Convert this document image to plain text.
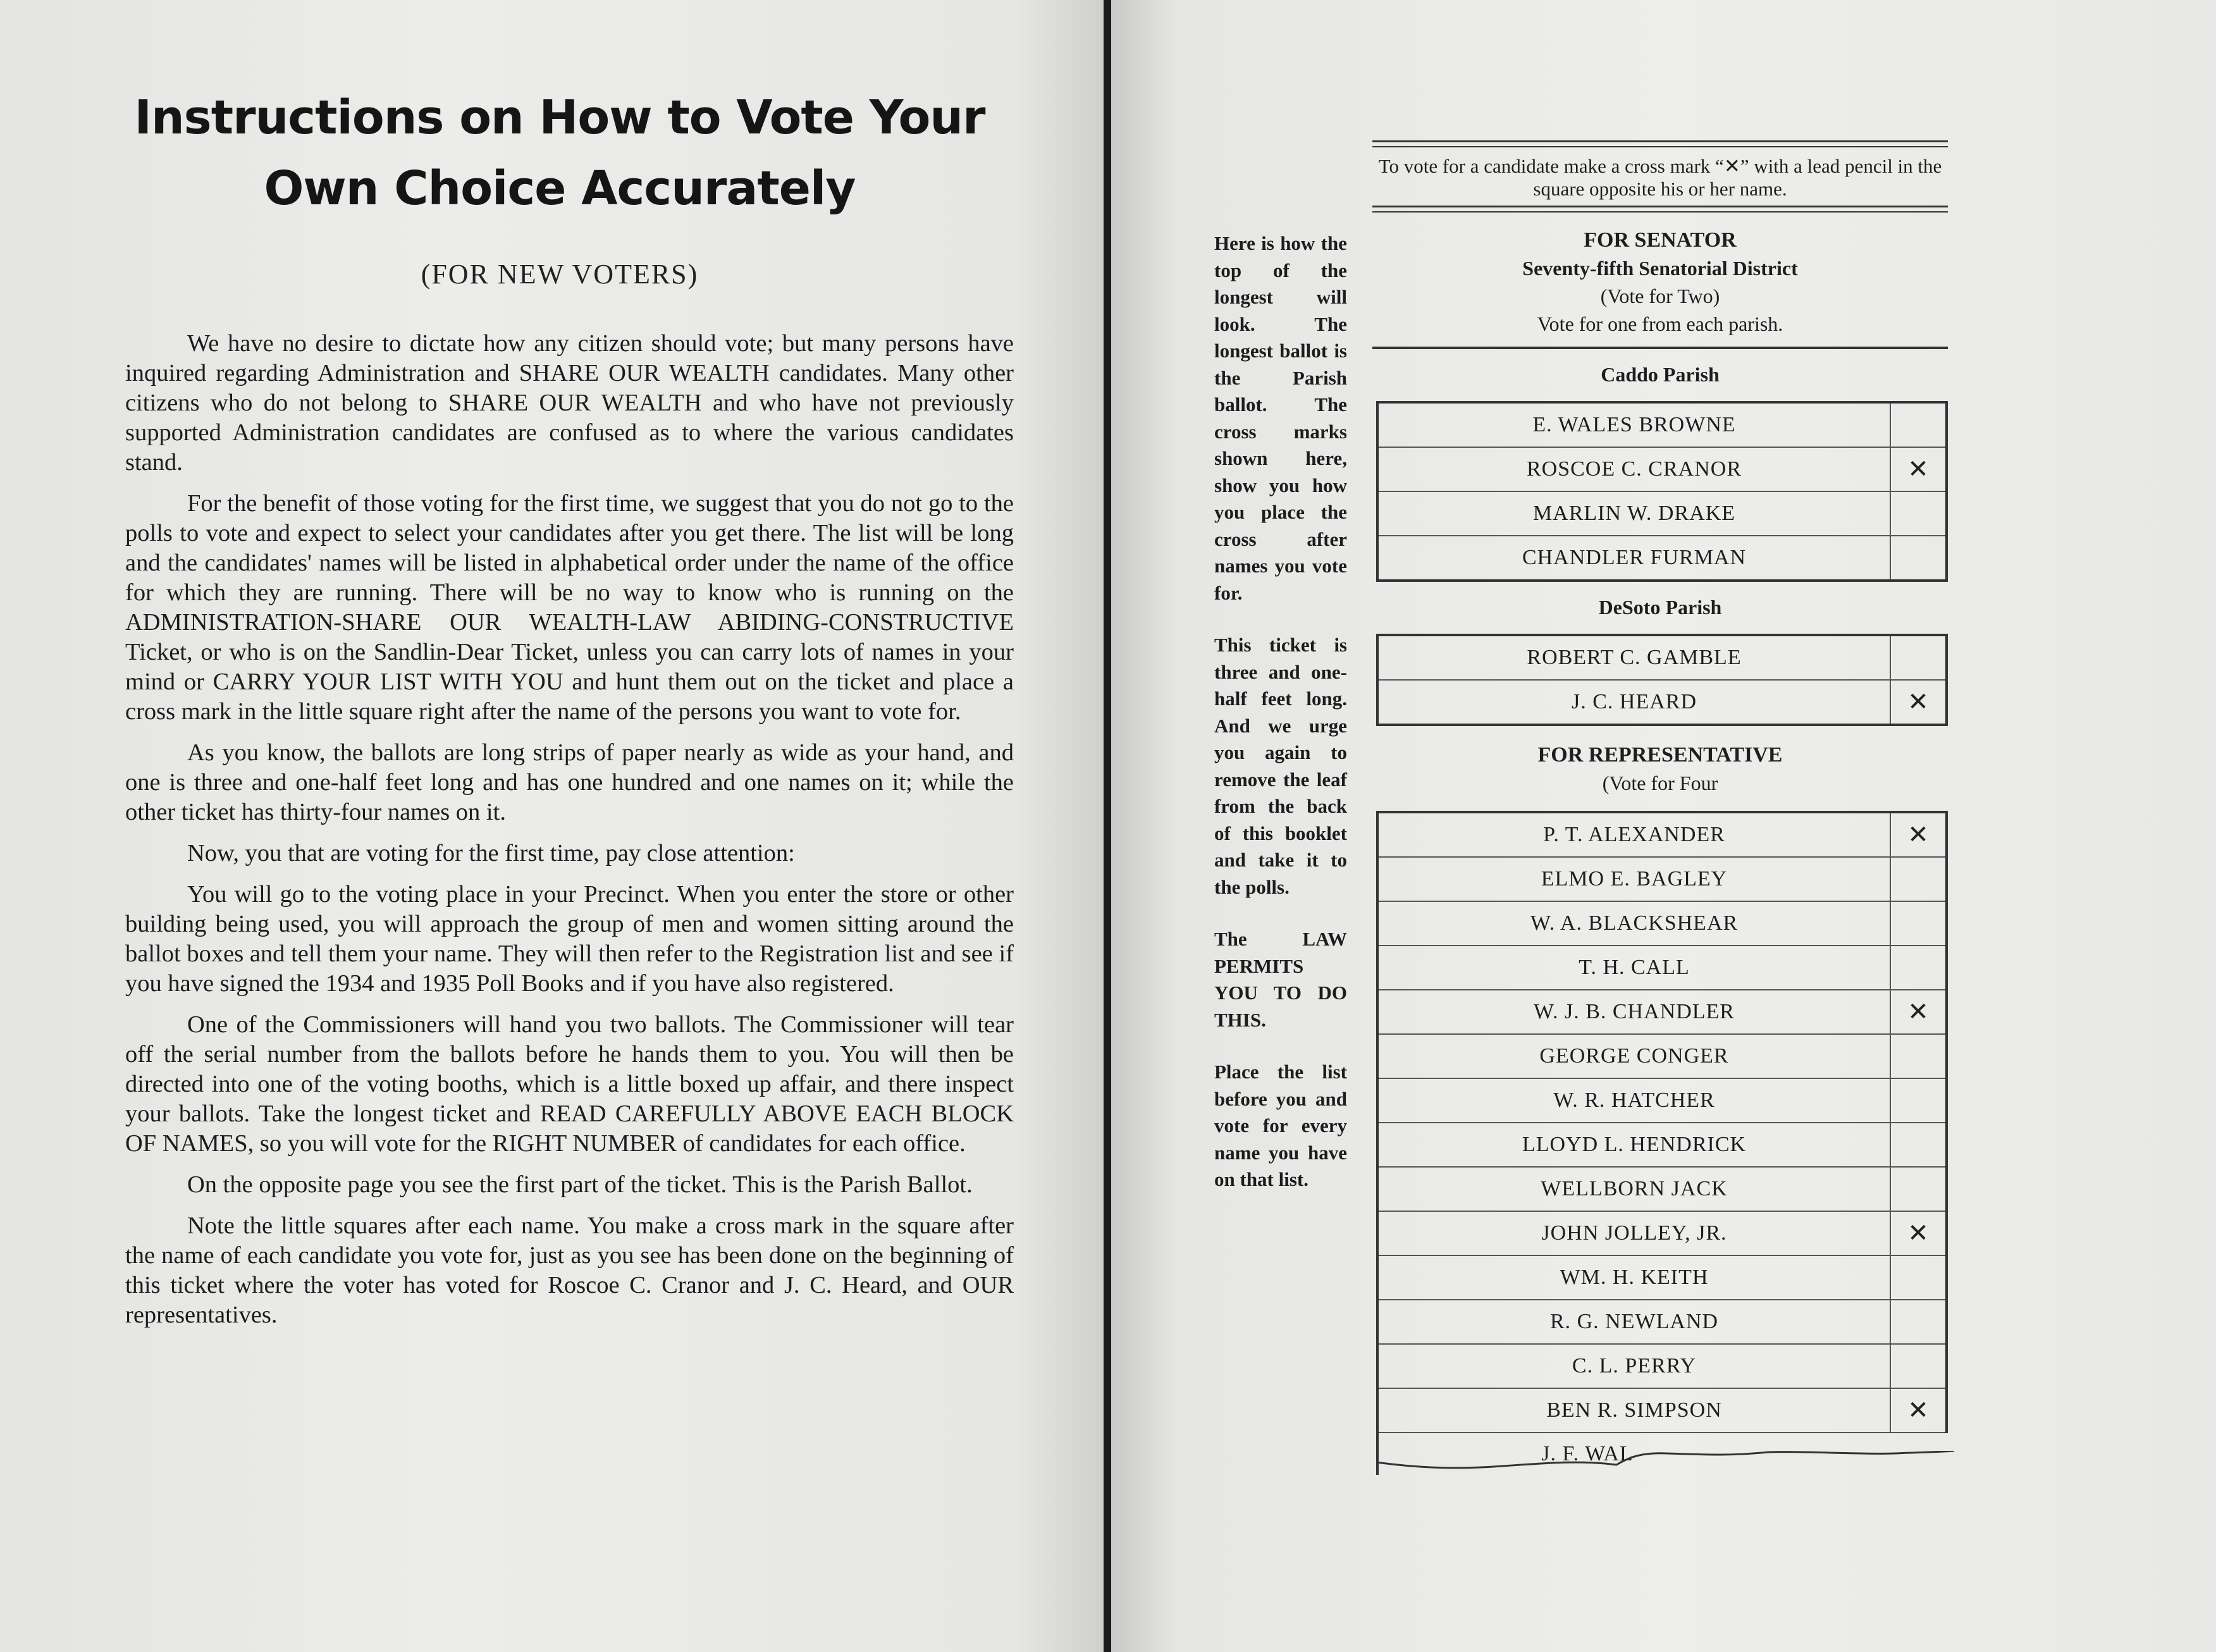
Instructions on How to Vote Your Own Choice Accurately
(FOR NEW VOTERS)

We have no desire to dictate how any citizen should vote; but many persons have inquired regarding Administration and SHARE OUR WEALTH candidates. Many other citizens who do not belong to SHARE OUR WEALTH and who have not previously supported Administration candidates are confused as to where the various candidates stand.

For the benefit of those voting for the first time, we suggest that you do not go to the polls to vote and expect to select your candidates after you get there. The list will be long and the candidates' names will be listed in alphabetical order under the name of the office for which they are running. There will be no way to know who is running on the ADMINISTRATION-SHARE OUR WEALTH-LAW ABIDING-CONSTRUCTIVE Ticket, or who is on the Sandlin-Dear Ticket, unless you can carry lots of names in your mind or CARRY YOUR LIST WITH YOU and hunt them out on the ticket and place a cross mark in the little square right after the name of the persons you want to vote for.

As you know, the ballots are long strips of paper nearly as wide as your hand, and one is three and one-half feet long and has one hundred and one names on it; while the other ticket has thirty-four names on it.

Now, you that are voting for the first time, pay close attention:

You will go to the voting place in your Precinct. When you enter the store or other building being used, you will approach the group of men and women sitting around the ballot boxes and tell them your name. They will then refer to the Registration list and see if you have signed the 1934 and 1935 Poll Books and if you have also registered.

One of the Commissioners will hand you two ballots. The Commissioner will tear off the serial number from the ballots before he hands them to you. You will then be directed into one of the voting booths, which is a little boxed up affair, and there inspect your ballots. Take the longest ticket and READ CAREFULLY ABOVE EACH BLOCK OF NAMES, so you will vote for the RIGHT NUMBER of candidates for each office.

On the opposite page you see the first part of the ticket. This is the Parish Ballot.

Note the little squares after each name. You make a cross mark in the square after the name of each candidate you vote for, just as you see has been done on the beginning of this ticket where the voter has voted for Roscoe C. Cranor and J. C. Heard, and OUR representatives.

Here is how the top of the longest will look. The longest ballot is the Parish ballot. The cross marks shown here, show you how you place the cross after names you vote for.

This ticket is three and one-half feet long. And we urge you again to remove the leaf from the back of this booklet and take it to the polls.

The LAW PERMITS YOU TO DO THIS.

Place the list before you and vote for every name you have on that list.

To vote for a candidate make a cross mark “✕” with a lead pencil in the square opposite his or her name.
FOR SENATOR
Seventy-fifth Senatorial District
(Vote for Two)
Vote for one from each parish.
Caddo Parish
E. WALES BROWNE
ROSCOE C. CRANOR	✕
MARLIN W. DRAKE
CHANDLER FURMAN
DeSoto Parish
ROBERT C. GAMBLE
J. C. HEARD	✕
FOR REPRESENTATIVE
(Vote for Four
P. T. ALEXANDER	✕
ELMO E. BAGLEY
W. A. BLACKSHEAR
T. H. CALL
W. J. B. CHANDLER	✕
GEORGE CONGER
W. R. HATCHER
LLOYD L. HENDRICK
WELLBORN JACK
JOHN JOLLEY, JR.	✕
WM. H. KEITH
R. G. NEWLAND
C. L. PERRY
BEN R. SIMPSON	✕
J. F. WAL
